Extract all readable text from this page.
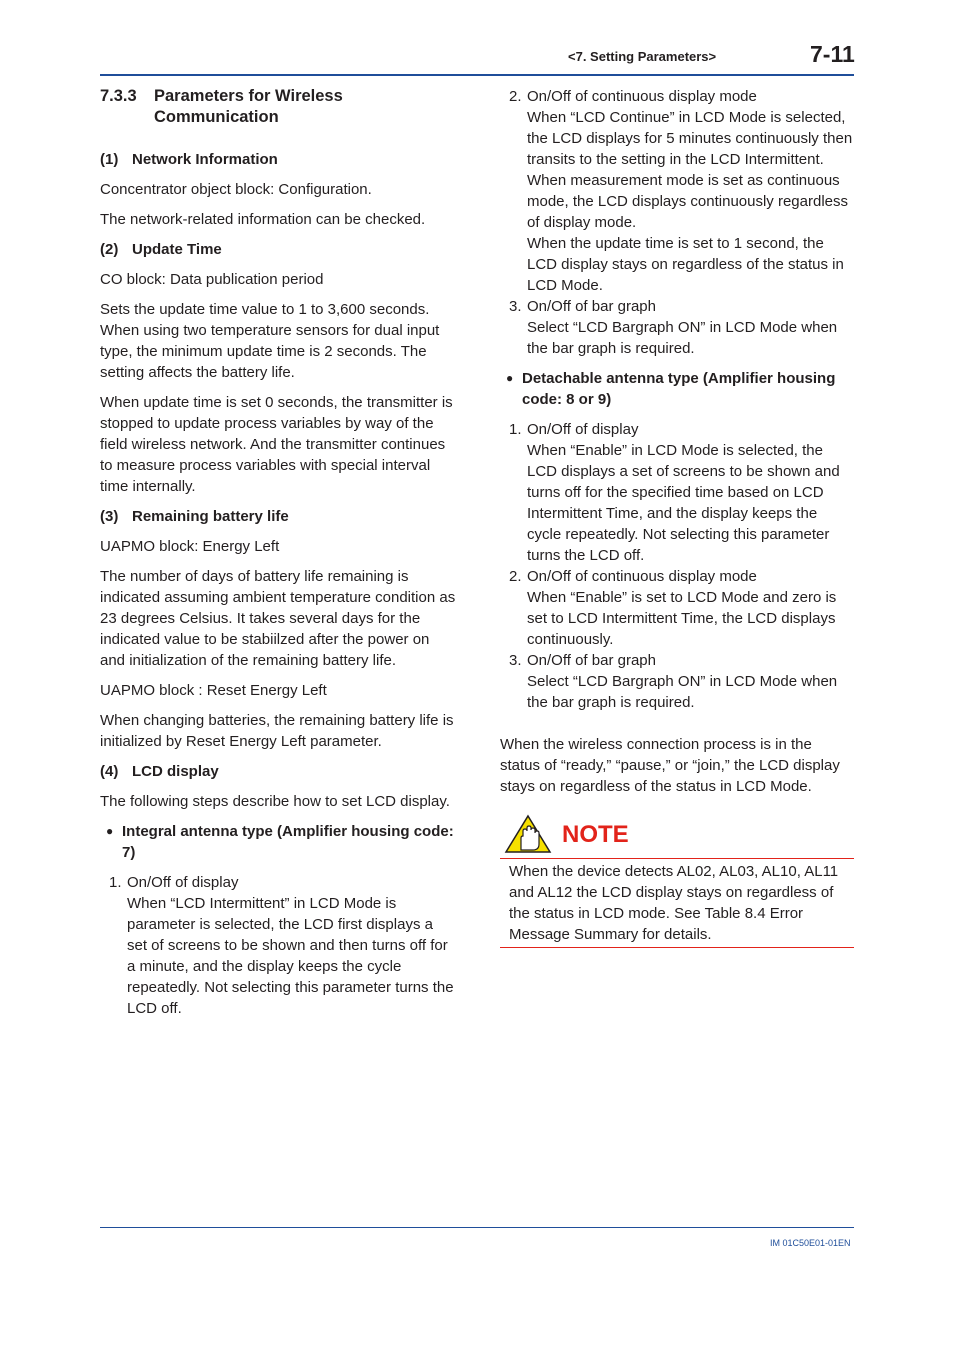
<7. Setting Parameters>	7-11
7.3.3	Parameters for Wireless
Communication
(1) Network Information

Concentrator object block: Configuration.

The network-related information can be checked.

(2) Update Time

CO block: Data publication period

Sets the update time value to 1 to 3,600 seconds. When using two temperature sensors for dual input type, the minimum update time is 2 seconds. The setting affects the battery life.

When update time is set 0 seconds, the transmitter is stopped to update process variables by way of the field wireless network. And the transmitter continues to measure process variables with special interval time internally.

(3) Remaining battery life

UAPMO block: Energy Left

The number of days of battery life remaining is indicated assuming ambient temperature condition as 23 degrees Celsius. It takes several days for the indicated value to be stabiilzed after the power on and initialization of the remaining battery life.

UAPMO block : Reset Energy Left

When changing batteries, the remaining battery life is initialized by Reset Energy Left parameter.

(4) LCD display

The following steps describe how to set LCD display.

● Integral antenna type (Amplifier housing code: 7)
1. On/Off of display
When “LCD Intermittent” in LCD Mode is parameter is selected, the LCD first displays a set of screens to be shown and then turns off for a minute, and the display keeps the cycle repeatedly. Not selecting this parameter turns the LCD off.
2. On/Off of continuous display mode
When “LCD Continue” in LCD Mode is selected, the LCD displays for 5 minutes continuously then transits to the setting in the LCD Intermittent.
When measurement mode is set as continuous mode, the LCD displays continuously regardless of display mode.
When the update time is set to 1 second, the LCD display stays on regardless of the status in LCD Mode.
3. On/Off of bar graph
Select “LCD Bargraph ON” in LCD Mode when the bar graph is required.
● Detachable antenna type (Amplifier housing code: 8 or 9)
1. On/Off of display
When “Enable” in LCD Mode is selected, the LCD displays a set of screens to be shown and turns off for the specified time based on LCD Intermittent Time, and the display keeps the cycle repeatedly. Not selecting this parameter turns the LCD off.
2. On/Off of continuous display mode
When “Enable” is set to LCD Mode and zero is set to LCD Intermittent Time, the LCD displays continuously.
3. On/Off of bar graph
Select “LCD Bargraph ON” in LCD Mode when the bar graph is required.

When the wireless connection process is in the status of “ready,” “pause,” or “join,” the LCD display stays on regardless of the status in LCD Mode.

NOTE

When the device detects AL02, AL03, AL10, AL11 and AL12 the LCD display stays on regardless of the status in LCD mode. See Table 8.4 Error Message Summary for details.

IM 01C50E01-01EN
